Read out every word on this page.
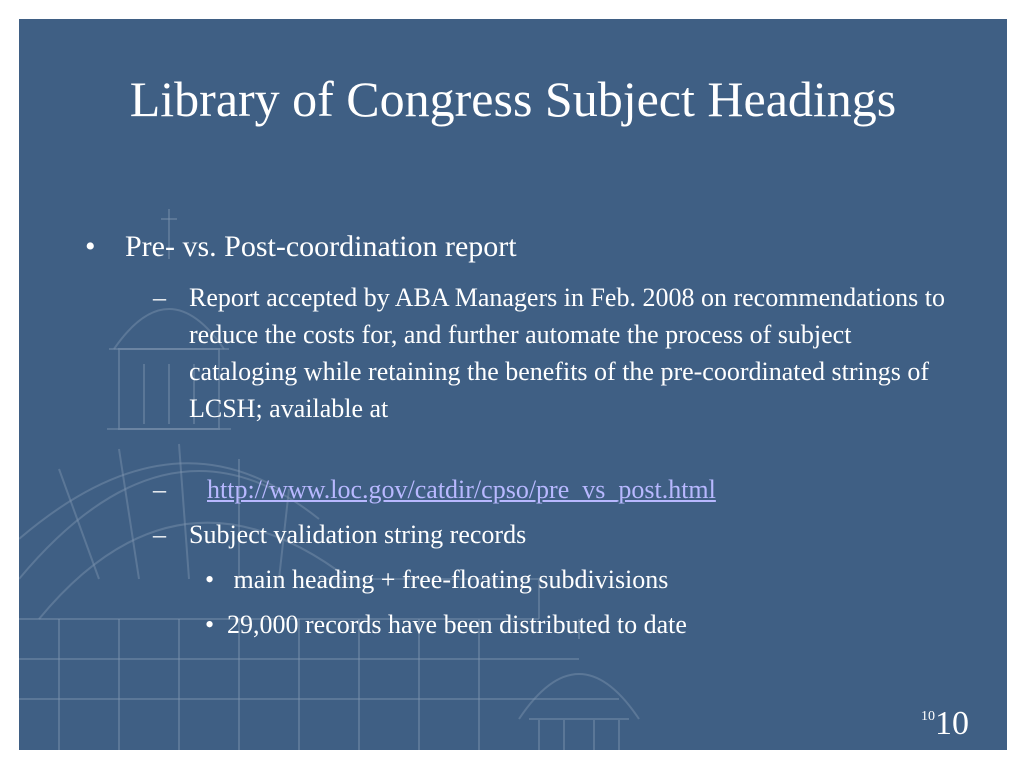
Library of Congress Subject Headings
• Pre- vs. Post-coordination report
– Report accepted by ABA Managers in Feb. 2008 on recommendations to reduce the costs for, and further automate the process of subject cataloging while retaining the benefits of the pre-coordinated strings of LCSH; available at
–	http://www.loc.gov/catdir/cpso/pre_vs_post.html
– Subject validation string records
• main heading + free-floating subdivisions
• 29,000 records have been distributed to date
$^{10}$10
